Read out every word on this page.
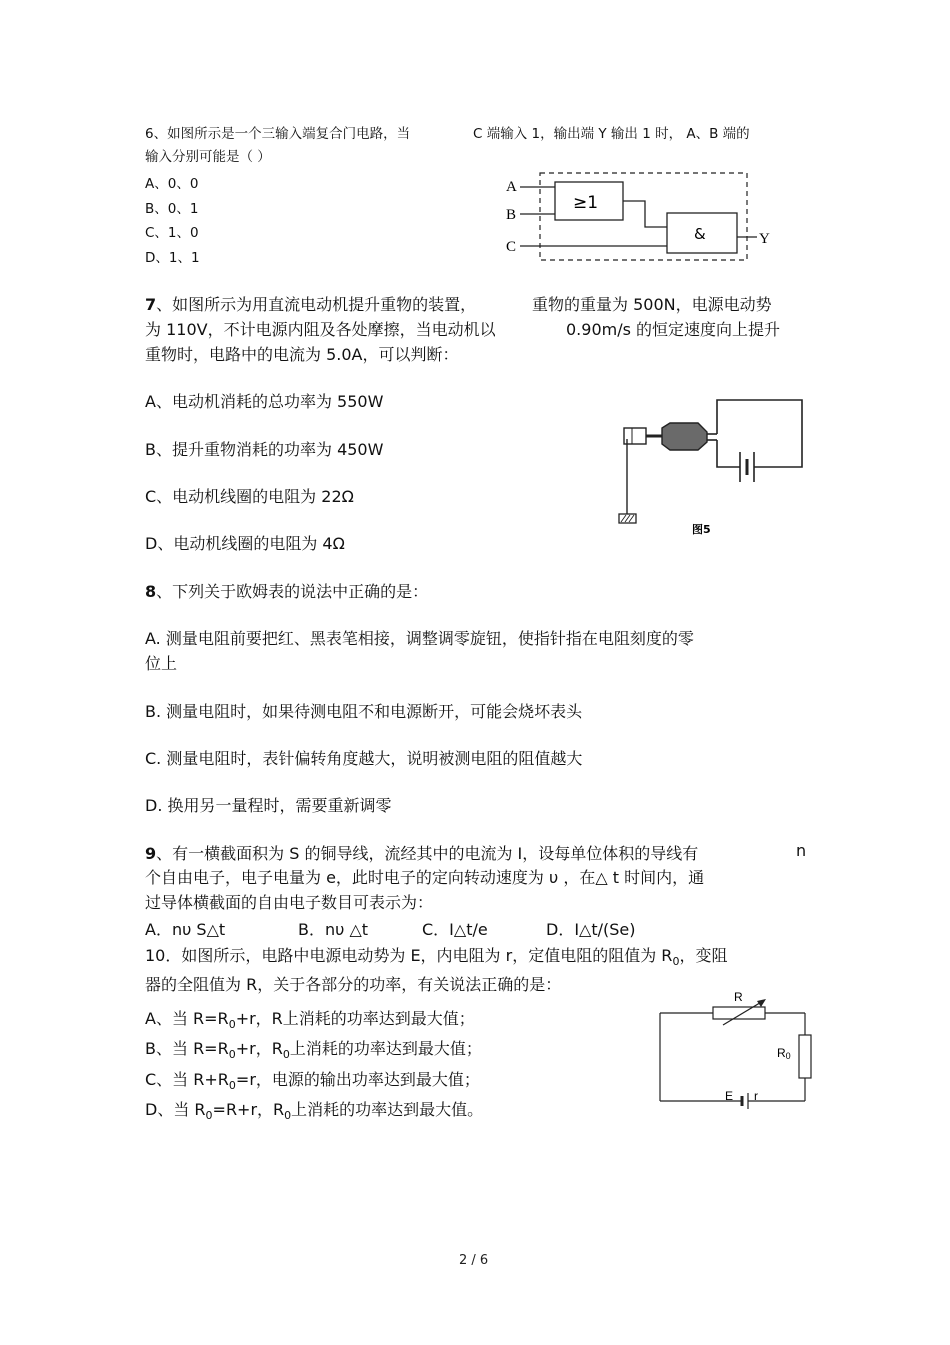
6、如图所示是一个三输入端复合门电路，当	C 端输入 1，输出端 Y 输出 1 时， A、B 端的
输入分别可能是（ ）
A、0、0
B、0、1
C、1、0
D、1、1
A
B
C
≥1
&	Y
7、如图所示为用直流电动机提升重物的装置，	重物的重量为 500N，电源电动势
为 110V，不计电源内阻及各处摩擦，当电动机以	0.90m/s 的恒定速度向上提升
重物时，电路中的电流为 5.0A，可以判断：
A、电动机消耗的总功率为 550W
B、提升重物消耗的功率为 450W
C、电动机线圈的电阻为 22Ω
D、电动机线圈的电阻为 4Ω
图5
8、下列关于欧姆表的说法中正确的是：
A. 测量电阻前要把红、黑表笔相接，调整调零旋钮，使指针指在电阻刻度的零
位上
B. 测量电阻时，如果待测电阻不和电源断开，可能会烧坏表头
C. 测量电阻时，表针偏转角度越大，说明被测电阻的阻值越大
D. 换用另一量程时，需要重新调零
9、有一横截面积为 S 的铜导线，流经其中的电流为 I，设每单位体积的导线有	n
个自由电子，电子电量为 e，此时电子的定向转动速度为 υ ，在△ t 时间内，通
过导体横截面的自由电子数目可表示为：
A．nυ S△t	B．nυ △t	C．I△t/e	D．I△t/(Se)
10．如图所示，电路中电源电动势为 E，内电阻为 r，定值电阻的阻值为 $R_0$，变阻
器的全阻值为 R，关于各部分的功率，有关说法正确的是：
A、当 $R=R_0+r$，R上消耗的功率达到最大值；
B、当 $R=R_0+r$，$R_0$上消耗的功率达到最大值；
C、当 $R+R_0=r$，电源的输出功率达到最大值；
D、当 $R_0=R+r$，$R_0$上消耗的功率达到最大值。
R
R0
E r
2 / 6
